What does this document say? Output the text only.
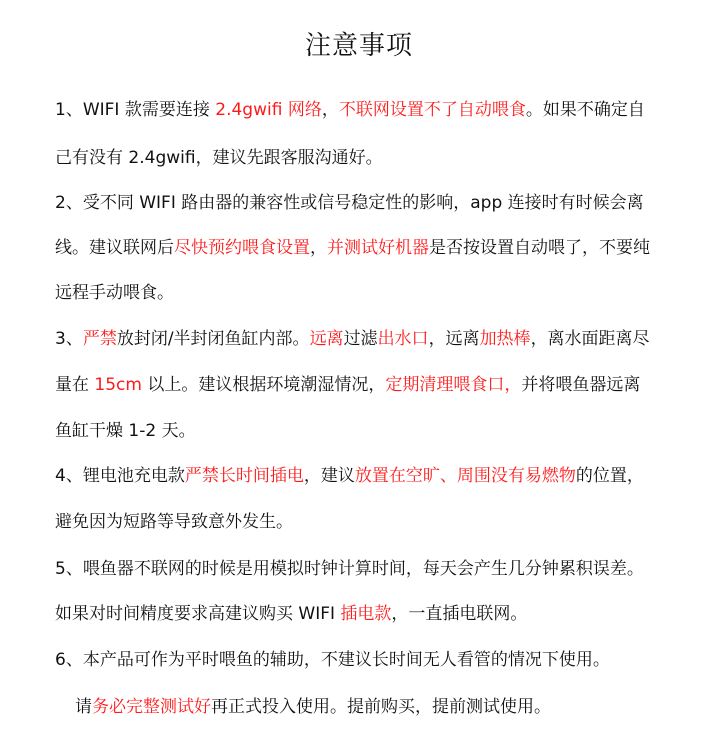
注意事项
1、WIFI 款需要连接 2.4gwifi 网络，不联网设置不了自动喂食。如果不确定自
己有没有 2.4gwifi，建议先跟客服沟通好。
2、受不同 WIFI 路由器的兼容性或信号稳定性的影响，app 连接时有时候会离
线。建议联网后尽快预约喂食设置，并测试好机器是否按设置自动喂了，不要纯
远程手动喂食。
3、严禁放封闭/半封闭鱼缸内部。远离过滤出水口，远离加热棒，离水面距离尽
量在 15cm 以上。建议根据环境潮湿情况，定期清理喂食口，并将喂鱼器远离
鱼缸干燥 1-2 天。
4、锂电池充电款严禁长时间插电，建议放置在空旷、周围没有易燃物的位置，
避免因为短路等导致意外发生。
5、喂鱼器不联网的时候是用模拟时钟计算时间，每天会产生几分钟累积误差。
如果对时间精度要求高建议购买 WIFI 插电款，一直插电联网。
6、本产品可作为平时喂鱼的辅助，不建议长时间无人看管的情况下使用。
请务必完整测试好再正式投入使用。提前购买，提前测试使用。
